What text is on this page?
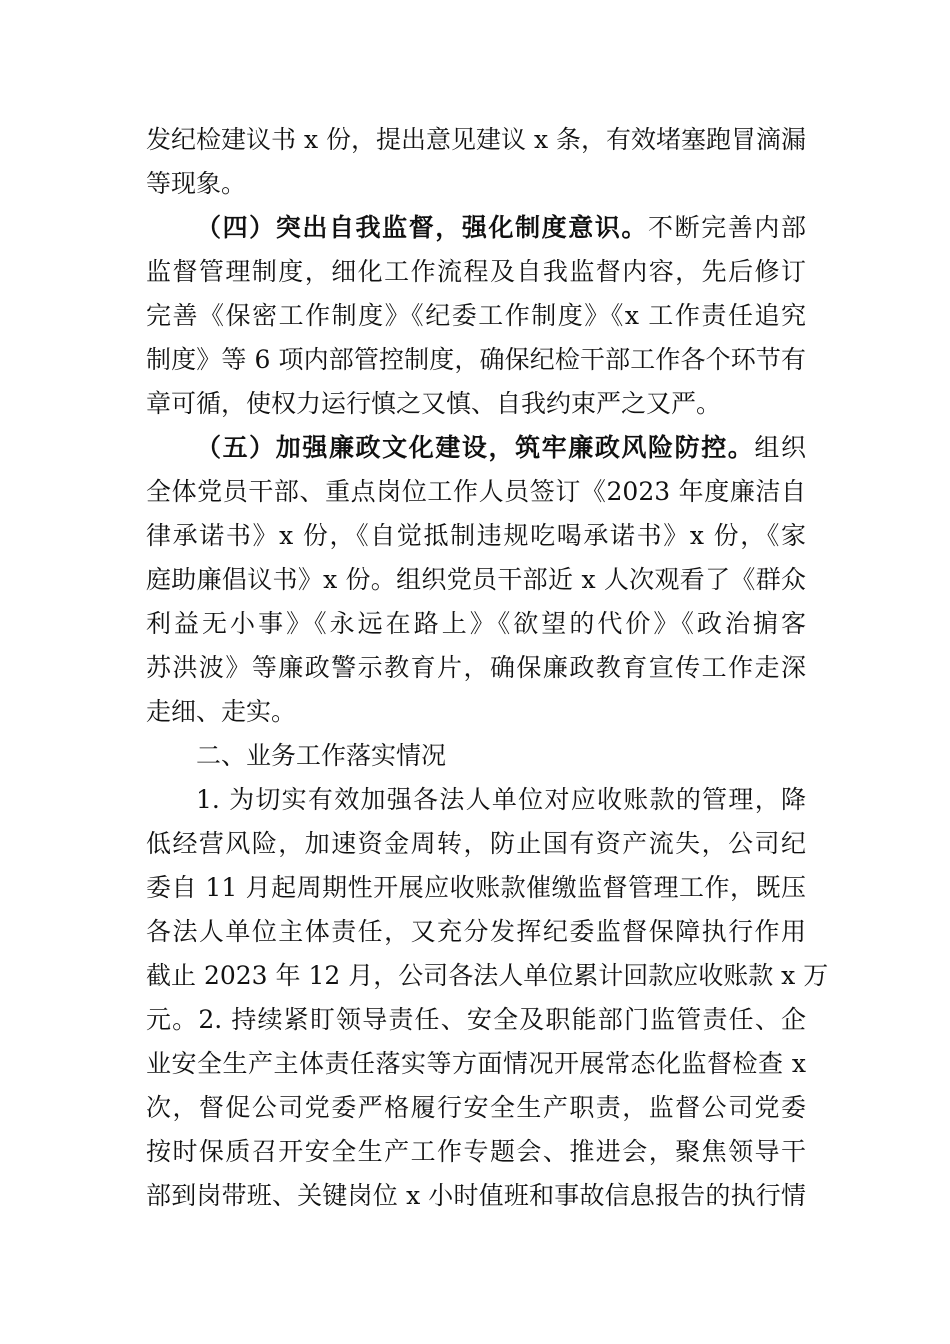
发纪检建议书 x 份，提出意见建议 x 条，有效堵塞跑冒滴漏
等现象。
（四）突出自我监督，强化制度意识。不断完善内部
监督管理制度，细化工作流程及自我监督内容，先后修订
完善《保密工作制度》《纪委工作制度》《x 工作责任追究
制度》等 6 项内部管控制度，确保纪检干部工作各个环节有
章可循，使权力运行慎之又慎、自我约束严之又严。
（五）加强廉政文化建设，筑牢廉政风险防控。组织
全体党员干部、重点岗位工作人员签订《2023 年度廉洁自
律承诺书》x 份，《自觉抵制违规吃喝承诺书》x 份，《家
庭助廉倡议书》x 份。组织党员干部近 x 人次观看了《群众
利益无小事》《永远在路上》《欲望的代价》《政治掮客
苏洪波》等廉政警示教育片，确保廉政教育宣传工作走深
走细、走实。
二、业务工作落实情况
1. 为切实有效加强各法人单位对应收账款的管理，降
低经营风险，加速资金周转，防止国有资产流失，公司纪
委自 11 月起周期性开展应收账款催缴监督管理工作，既压
各法人单位主体责任，又充分发挥纪委监督保障执行作用
截止 2023 年 12 月，公司各法人单位累计回款应收账款 x 万
元。2. 持续紧盯领导责任、安全及职能部门监管责任、企
业安全生产主体责任落实等方面情况开展常态化监督检查 x
次，督促公司党委严格履行安全生产职责，监督公司党委
按时保质召开安全生产工作专题会、推进会，聚焦领导干
部到岗带班、关键岗位 x 小时值班和事故信息报告的执行情
